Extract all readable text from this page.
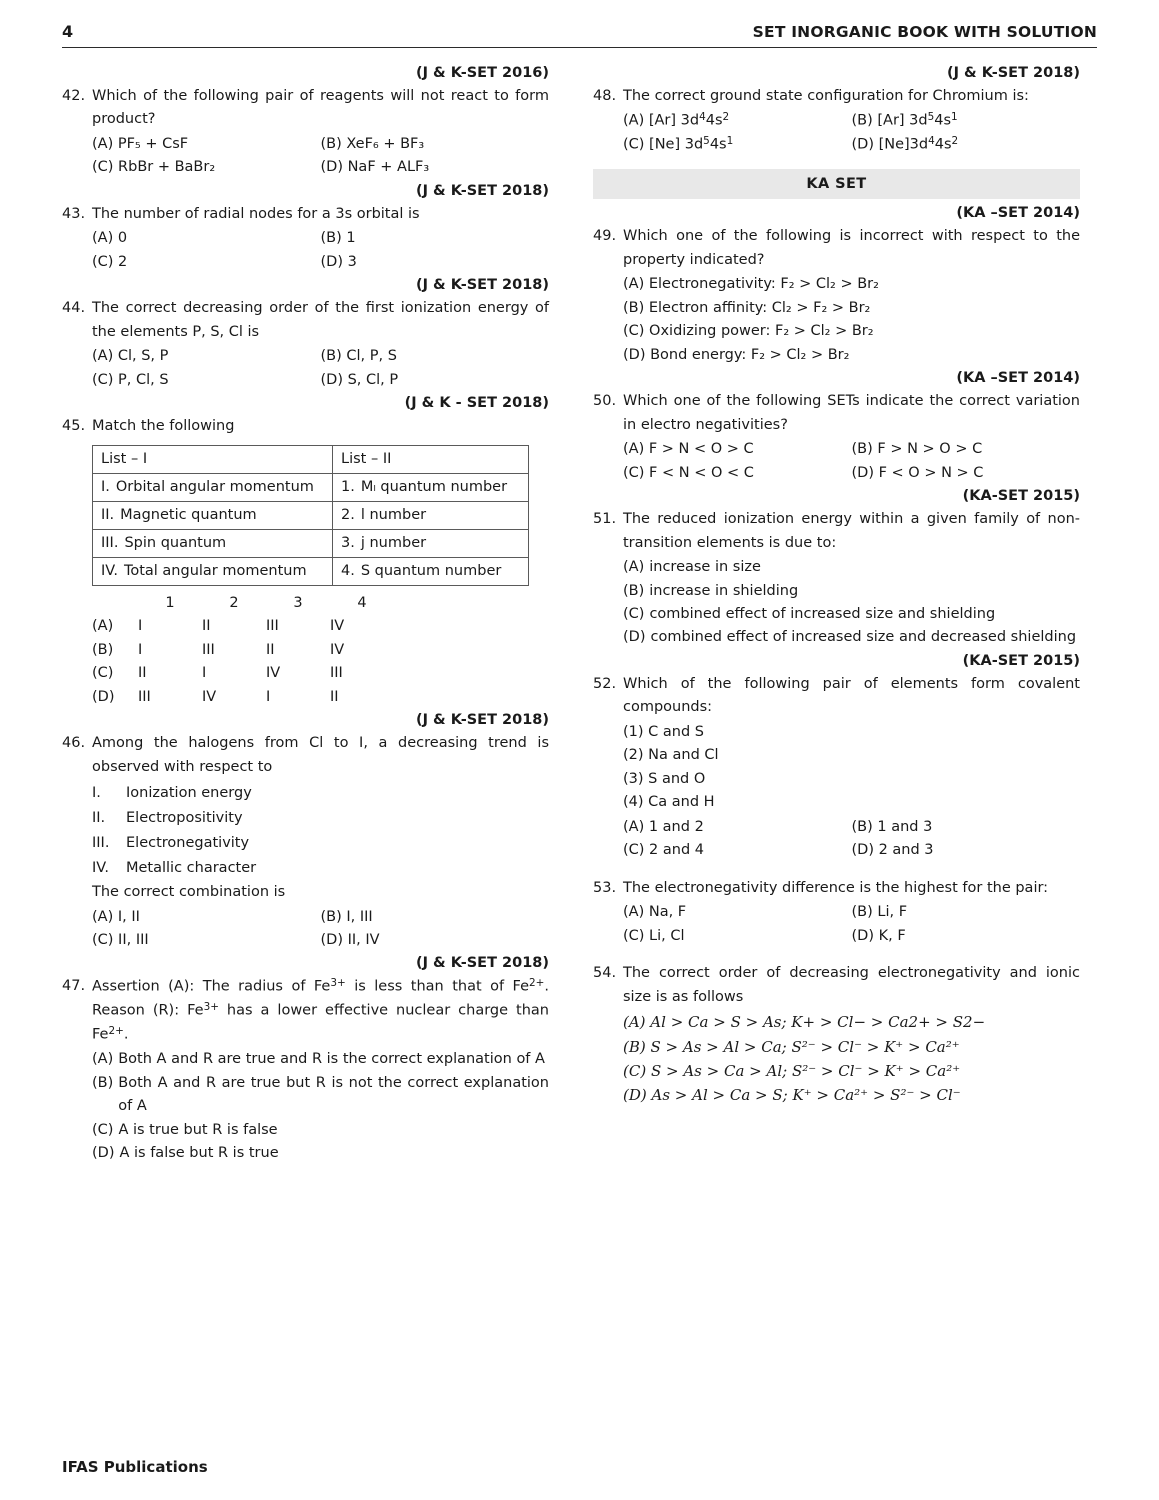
4	SET INORGANIC BOOK WITH SOLUTION
(J & K-SET 2016)
42. Which of the following pair of reagents will not react to form product?
(A) PF₅ + CsF	(B) XeF₆ + BF₃
(C) RbBr + BaBr₂	(D) NaF + ALF₃
(J & K-SET 2018)
43. The number of radial nodes for a 3s orbital is
(A) 0	(B) 1
(C) 2	(D) 3
(J & K-SET 2018)
44. The correct decreasing order of the first ionization energy of the elements P, S, Cl is
(A) Cl, S, P	(B) Cl, P, S
(C) P, Cl, S	(D) S, Cl, P
(J & K - SET 2018)
45. Match the following
List – I	List – II

I. Orbital angular momentum	1. Mₗ quantum number

II. Magnetic quantum	2. l number

III. Spin quantum	3. j number

IV. Total angular momentum	4. S quantum number
1	2	3	4
(A)	I	II	III	IV
(B)	I	III	II	IV
(C)	II	I	IV	III
(D)	III	IV	I	II
(J & K-SET 2018)
46. Among the halogens from Cl to I, a decreasing trend is observed with respect to
I.	Ionization energy
II.	Electropositivity
III.	Electronegativity
IV.	Metallic character
The correct combination is
(A) I, II	(B) I, III
(C) II, III	(D) II, IV
(J & K-SET 2018)
47. Assertion (A): The radius of $Fe^{3+}$ is less than that of $Fe^{2+}$. Reason (R): $Fe^{3+}$ has a lower effective nuclear charge than $Fe^{2+}$.
(A) Both A and R are true and R is the correct explanation of A
(B) Both A and R are true but R is not the correct explanation of A
(C) A is true but R is false
(D) A is false but R is true
(J & K-SET 2018)
48. The correct ground state configuration for Chromium is:
(A) [Ar] $3d^44s^2$	(B) [Ar] $3d^54s^1$
(C) [Ne] $3d^54s^1$	(D) $[Ne]3d^44s^2$
KA SET
(KA –SET 2014)
49. Which one of the following is incorrect with respect to the property indicated?
(A) Electronegativity: F₂ > Cl₂ > Br₂
(B) Electron affinity: Cl₂ > F₂ > Br₂
(C) Oxidizing power: F₂ > Cl₂ > Br₂
(D) Bond energy: F₂ > Cl₂ > Br₂
(KA –SET 2014)
50. Which one of the following SETs indicate the correct variation in electro negativities?
(A) F > N < O > C	(B) F > N > O > C
(C) F < N < O < C	(D) F < O > N > C
(KA-SET 2015)
51. The reduced ionization energy within a given family of non-transition elements is due to:
(A) increase in size
(B) increase in shielding
(C) combined effect of increased size and shielding
(D) combined effect of increased size and decreased shielding
(KA-SET 2015)
52. Which of the following pair of elements form covalent compounds:
(1) C and S
(2) Na and Cl
(3) S and O
(4) Ca and H
(A) 1 and 2	(B) 1 and 3
(C) 2 and 4	(D) 2 and 3
53. The electronegativity difference is the highest for the pair:
(A) Na, F	(B) Li, F
(C) Li, Cl	(D) K, F
54. The correct order of decreasing electronegativity and ionic size is as follows
(A) Al > Ca > S > As; K+ > Cl− > Ca2+ > S2−
(B) S > As > Al > Ca; S²⁻ > Cl⁻ > K⁺ > Ca²⁺
(C) S > As > Ca > Al; S²⁻ > Cl⁻ > K⁺ > Ca²⁺
(D) As > Al > Ca > S; K⁺ > Ca²⁺ > S²⁻ > Cl⁻
IFAS Publications
